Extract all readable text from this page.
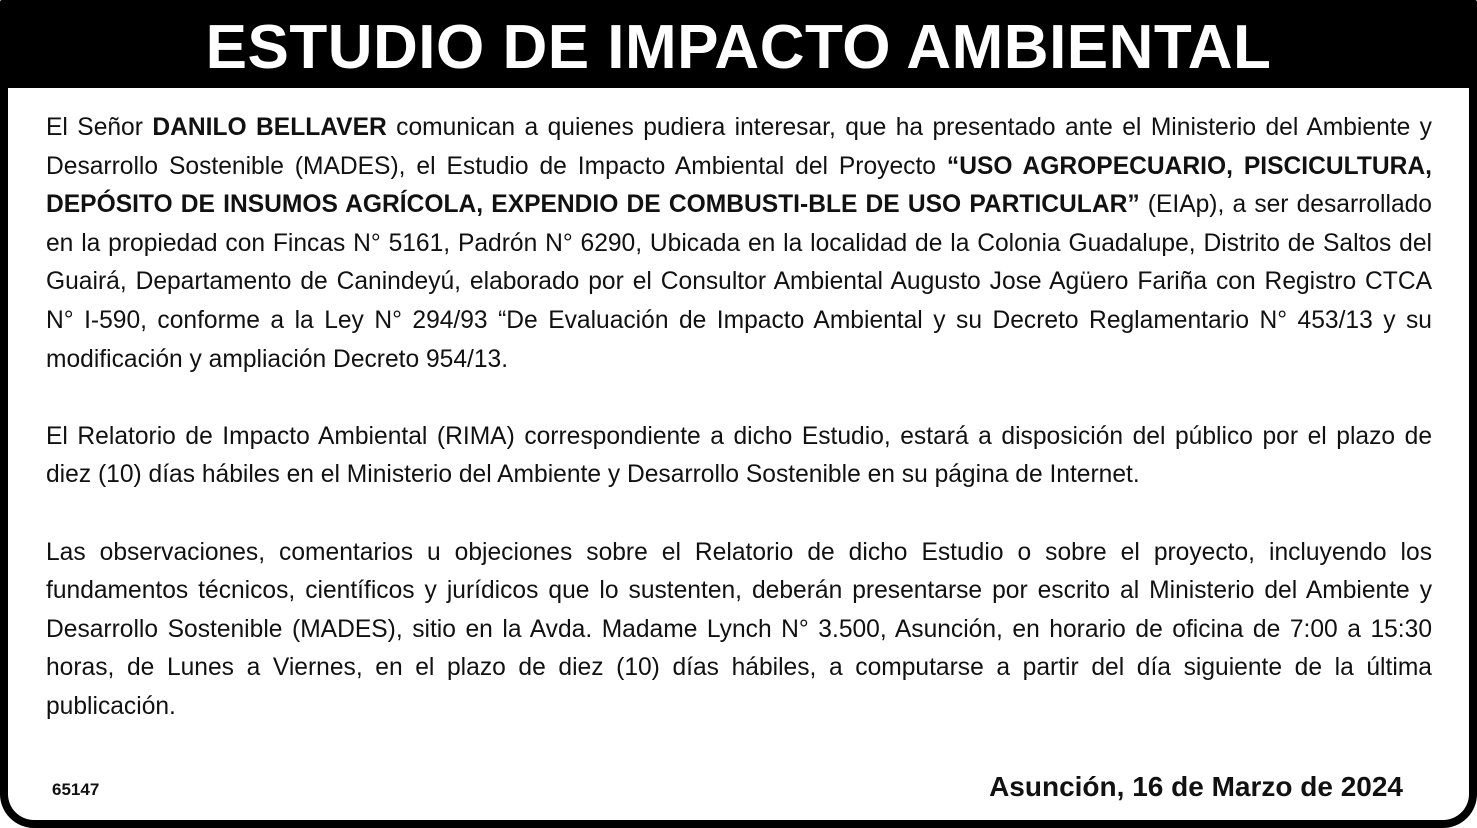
ESTUDIO DE IMPACTO AMBIENTAL

El Señor DANILO BELLAVER comunican a quienes pudiera interesar, que ha presentado ante el Ministerio del Ambiente y Desarrollo Sostenible (MADES), el Estudio de Impacto Ambiental del Proyecto “USO AGROPECUARIO, PISCICULTURA, DEPÓSITO DE INSUMOS AGRÍCOLA, EXPENDIO DE COMBUSTI-BLE DE USO PARTICULAR” (EIAp), a ser desarrollado en la propiedad con Fincas N° 5161, Padrón N° 6290, Ubicada en la localidad de la Colonia Guadalupe, Distrito de Saltos del Guairá, Departamento de Canindeyú, elaborado por el Consultor Ambiental Augusto Jose Agüero Fariña con Registro CTCA N° I-590, conforme a la Ley N° 294/93 “De Evaluación de Impacto Ambiental y su Decreto Reglamentario N° 453/13 y su modificación y ampliación Decreto 954/13.

El Relatorio de Impacto Ambiental (RIMA) correspondiente a dicho Estudio, estará a disposición del público por el plazo de diez (10) días hábiles en el Ministerio del Ambiente y Desarrollo Sostenible en su página de Internet.

Las observaciones, comentarios u objeciones sobre el Relatorio de dicho Estudio o sobre el proyecto, incluyendo los fundamentos técnicos, científicos y jurídicos que lo sustenten, deberán presentarse por escrito al Ministerio del Ambiente y Desarrollo Sostenible (MADES), sitio en la Avda. Madame Lynch N° 3.500, Asunción, en horario de oficina de 7:00 a 15:30 horas, de Lunes a Viernes, en el plazo de diez (10) días hábiles, a computarse a partir del día siguiente de la última publicación.

65147	Asunción, 16 de Marzo de 2024
